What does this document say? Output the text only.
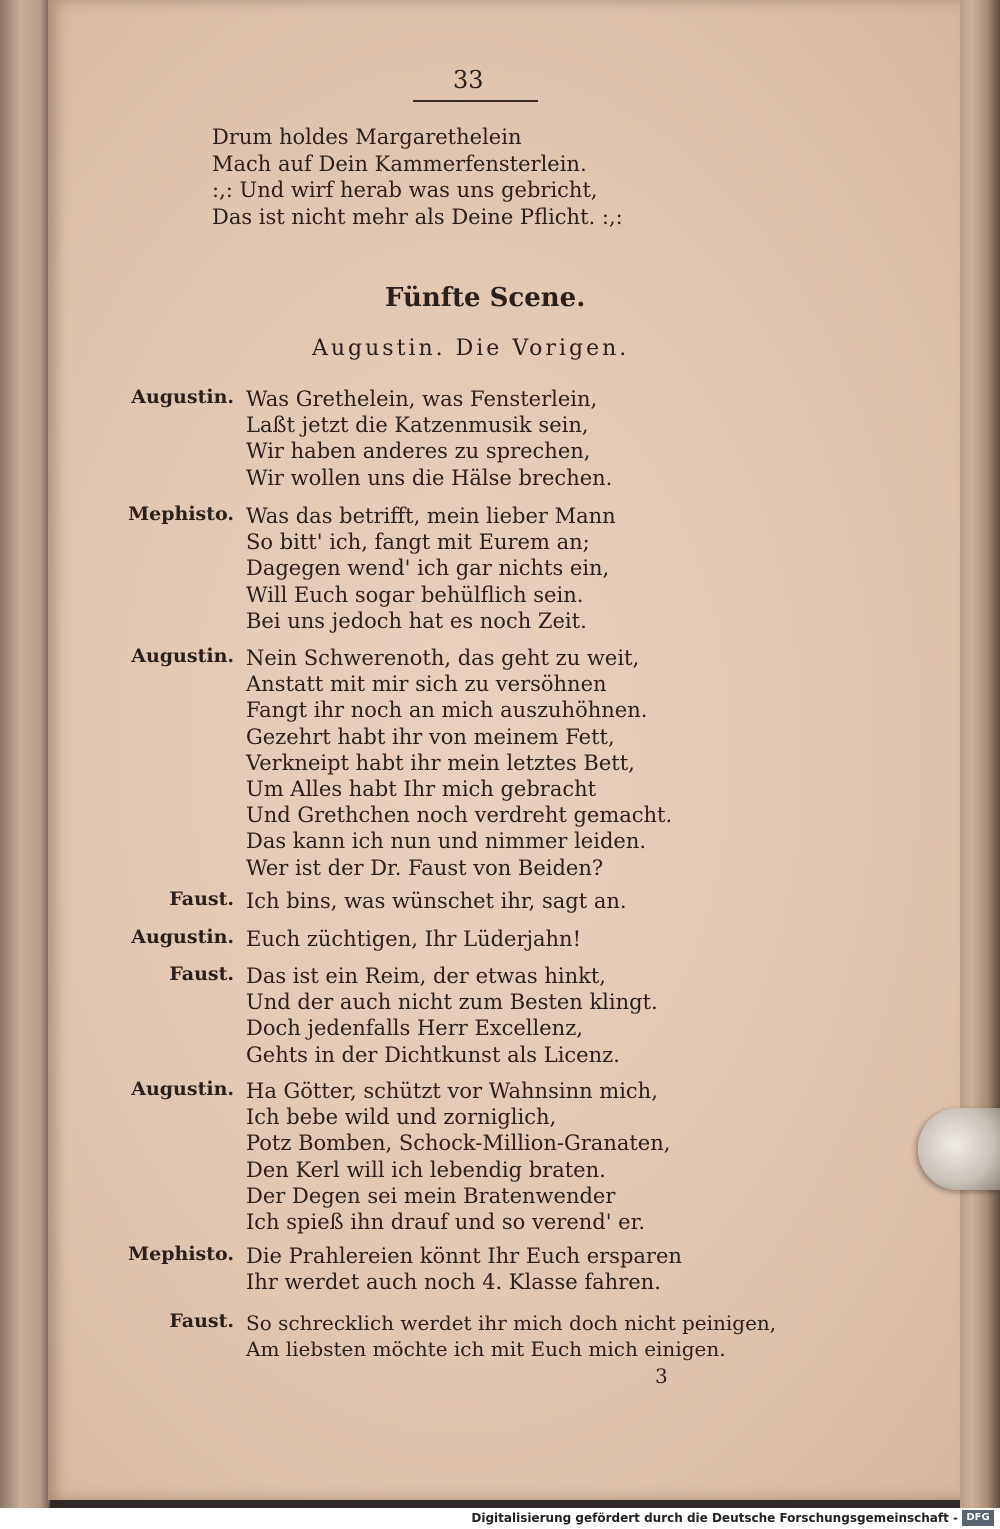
33
Drum holdes Margarethelein
Mach auf Dein Kammerfensterlein.
:,: Und wirf herab was uns gebricht,
Das ist nicht mehr als Deine Pflicht. :,:
Fünfte Scene.
Augustin. Die Vorigen.
Augustin. Was Grethelein, was Fensterlein,
Laßt jetzt die Katzenmusik sein,
Wir haben anderes zu sprechen,
Wir wollen uns die Hälse brechen.
Mephisto. Was das betrifft, mein lieber Mann
So bitt' ich, fangt mit Eurem an;
Dagegen wend' ich gar nichts ein,
Will Euch sogar behülflich sein.
Bei uns jedoch hat es noch Zeit.
Augustin. Nein Schwerenoth, das geht zu weit,
Anstatt mit mir sich zu versöhnen
Fangt ihr noch an mich auszuhöhnen.
Gezehrt habt ihr von meinem Fett,
Verkneipt habt ihr mein letztes Bett,
Um Alles habt Ihr mich gebracht
Und Grethchen noch verdreht gemacht.
Das kann ich nun und nimmer leiden.
Wer ist der Dr. Faust von Beiden?
Faust. Ich bins, was wünschet ihr, sagt an.
Augustin. Euch züchtigen, Ihr Lüderjahn!
Faust. Das ist ein Reim, der etwas hinkt,
Und der auch nicht zum Besten klingt.
Doch jedenfalls Herr Excellenz,
Gehts in der Dichtkunst als Licenz.
Augustin. Ha Götter, schützt vor Wahnsinn mich,
Ich bebe wild und zorniglich,
Potz Bomben, Schock-Million-Granaten,
Den Kerl will ich lebendig braten.
Der Degen sei mein Bratenwender
Ich spieß ihn drauf und so verend' er.
Mephisto. Die Prahlereien könnt Ihr Euch ersparen
Ihr werdet auch noch 4. Klasse fahren.
Faust. So schrecklich werdet ihr mich doch nicht peinigen,
Am liebsten möchte ich mit Euch mich einigen.
3
Digitalisierung gefördert durch die Deutsche Forschungsgemeinschaft - DFG
